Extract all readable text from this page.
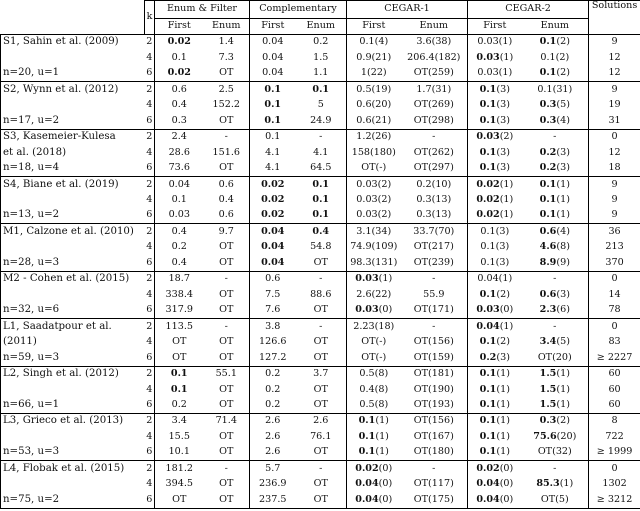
	k	Enum & Filter		Complementary		CEGAR-1		CEGAR-2		Solutions
		First	Enum	First	Enum	First	Enum	First	Enum	
S1, Sahin et al. (2009)	2	0.02	1.4	0.04	0.2	0.1(4)	3.6(38)	0.03(1)	0.1(2)	9
	4	0.1	7.3	0.04	1.5	0.9(21)	206.4(182)	0.03(1)	0.1(2)	12
n=20, u=1	6	0.02	OT	0.04	1.1	1(22)	OT(259)	0.03(1)	0.1(2)	12
S2, Wynn et al. (2012)	2	0.6	2.5	0.1	0.1	0.5(19)	1.7(31)	0.1(3)	0.1(31)	9
	4	0.4	152.2	0.1	5	0.6(20)	OT(269)	0.1(3)	0.3(5)	19
n=17, u=2	6	0.3	OT	0.1	24.9	0.6(21)	OT(298)	0.1(3)	0.3(4)	31
S3, Kasemeier-Kulesa	2	2.4	-	0.1	-	1.2(26)	-	0.03(2)	-	0
et al. (2018)	4	28.6	151.6	4.1	4.1	158(180)	OT(262)	0.1(3)	0.2(3)	12
n=18, u=4	6	73.6	OT	4.1	64.5	OT(-)	OT(297)	0.1(3)	0.2(3)	18
S4, Biane et al. (2019)	2	0.04	0.6	0.02	0.1	0.03(2)	0.2(10)	0.02(1)	0.1(1)	9
	4	0.1	0.4	0.02	0.1	0.03(2)	0.3(13)	0.02(1)	0.1(1)	9
n=13, u=2	6	0.03	0.6	0.02	0.1	0.03(2)	0.3(13)	0.02(1)	0.1(1)	9
M1, Calzone et al. (2010)	2	0.4	9.7	0.04	0.4	3.1(34)	33.7(70)	0.1(3)	0.6(4)	36
	4	0.2	OT	0.04	54.8	74.9(109)	OT(217)	0.1(3)	4.6(8)	213
n=28, u=3	6	0.4	OT	0.04	OT	98.3(131)	OT(239)	0.1(3)	8.9(9)	370
M2 - Cohen et al. (2015)	2	18.7	-	0.6	-	0.03(1)	-	0.04(1)	-	0
	4	338.4	OT	7.5	88.6	2.6(22)	55.9	0.1(2)	0.6(3)	14
n=32, u=6	6	317.9	OT	7.6	OT	0.03(0)	OT(171)	0.03(0)	2.3(6)	78
L1, Saadatpour et al.	2	113.5	-	3.8	-	2.23(18)	-	0.04(1)	-	0
(2011)	4	OT	OT	126.6	OT	OT(-)	OT(156)	0.1(2)	3.4(5)	83
n=59, u=3	6	OT	OT	127.2	OT	OT(-)	OT(159)	0.2(3)	OT(20)	≥ 2227
L2, Singh et al. (2012)	2	0.1	55.1	0.2	3.7	0.5(8)	OT(181)	0.1(1)	1.5(1)	60
	4	0.1	OT	0.2	OT	0.4(8)	OT(190)	0.1(1)	1.5(1)	60
n=66, u=1	6	0.2	OT	0.2	OT	0.5(8)	OT(193)	0.1(1)	1.5(1)	60
L3, Grieco et al. (2013)	2	3.4	71.4	2.6	2.6	0.1(1)	OT(156)	0.1(1)	0.3(2)	8
	4	15.5	OT	2.6	76.1	0.1(1)	OT(167)	0.1(1)	75.6(20)	722
n=53, u=3	6	10.1	OT	2.6	OT	0.1(1)	OT(180)	0.1(1)	OT(32)	≥ 1999
L4, Flobak et al. (2015)	2	181.2	-	5.7	-	0.02(0)	-	0.02(0)	-	0
	4	394.5	OT	236.9	OT	0.04(0)	OT(117)	0.04(0)	85.3(1)	1302
n=75, u=2	6	OT	OT	237.5	OT	0.04(0)	OT(175)	0.04(0)	OT(5)	≥ 3212
